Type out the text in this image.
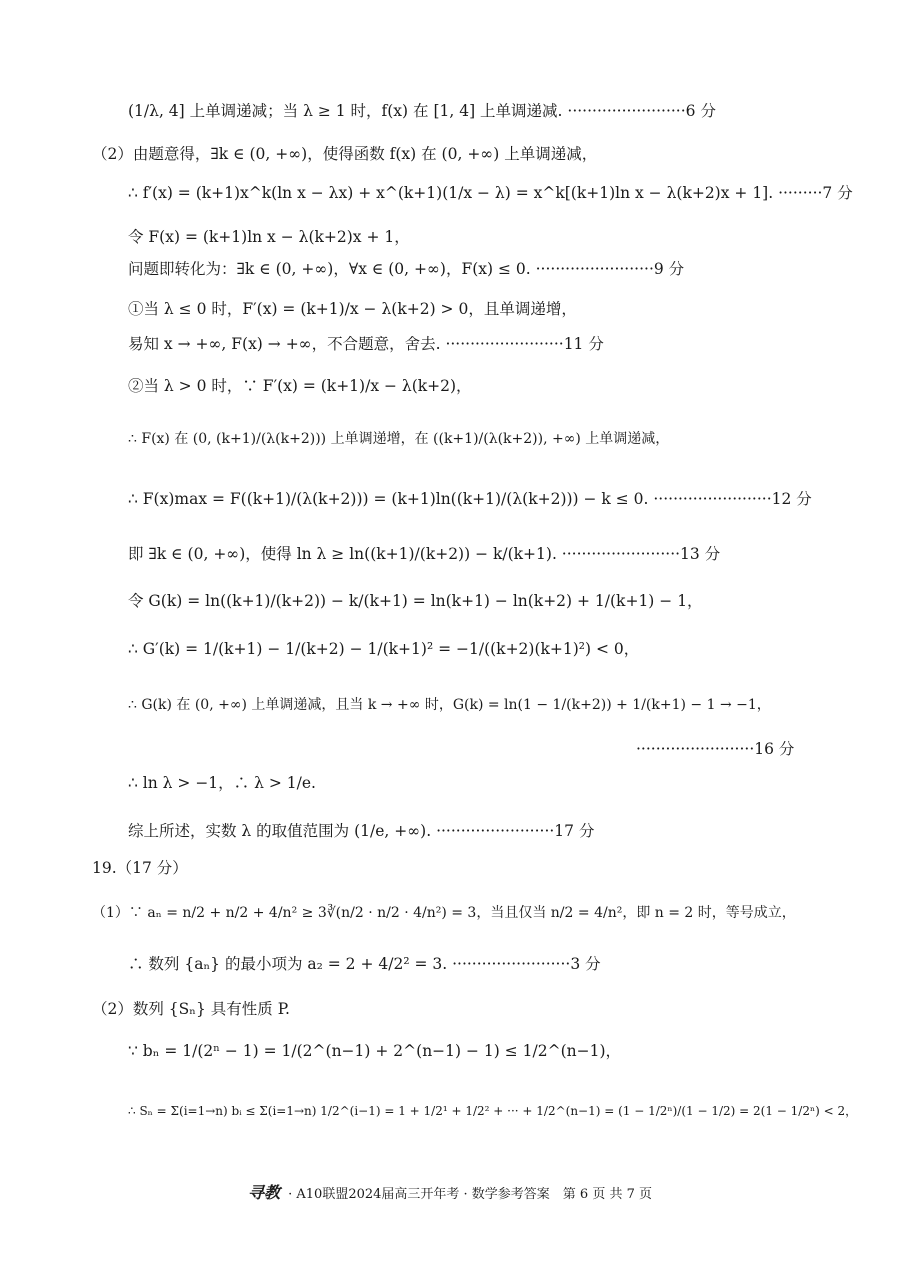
(1/λ, 4] 上单调递减；当 λ ≥ 1 时，f(x) 在 [1, 4] 上单调递减. ························6 分
（2）由题意得，∃k ∈ (0, +∞)，使得函数 f(x) 在 (0, +∞) 上单调递减，
∴ f′(x) = (k+1)x^k(ln x − λx) + x^(k+1)(1/x − λ) = x^k[(k+1)ln x − λ(k+2)x + 1]. ·········7 分
令 F(x) = (k+1)ln x − λ(k+2)x + 1，
问题即转化为：∃k ∈ (0, +∞)，∀x ∈ (0, +∞)，F(x) ≤ 0. ························9 分
①当 λ ≤ 0 时，F′(x) = (k+1)/x − λ(k+2) > 0，且单调递增，
易知 x → +∞, F(x) → +∞，不合题意，舍去. ························11 分
②当 λ > 0 时，∵ F′(x) = (k+1)/x − λ(k+2)，
∴ F(x) 在 (0, (k+1)/(λ(k+2))) 上单调递增，在 ((k+1)/(λ(k+2)), +∞) 上单调递减，
∴ F(x)max = F((k+1)/(λ(k+2))) = (k+1)ln((k+1)/(λ(k+2))) − k ≤ 0. ························12 分
即 ∃k ∈ (0, +∞)，使得 ln λ ≥ ln((k+1)/(k+2)) − k/(k+1). ························13 分
令 G(k) = ln((k+1)/(k+2)) − k/(k+1) = ln(k+1) − ln(k+2) + 1/(k+1) − 1，
∴ G′(k) = 1/(k+1) − 1/(k+2) − 1/(k+1)² = −1/((k+2)(k+1)²) < 0，
∴ G(k) 在 (0, +∞) 上单调递减，且当 k → +∞ 时，G(k) = ln(1 − 1/(k+2)) + 1/(k+1) − 1 → −1，
························16 分
∴ ln λ > −1，∴ λ > 1/e.
综上所述，实数 λ 的取值范围为 (1/e, +∞). ························17 分
19.（17 分）
（1）∵ aₙ = n/2 + n/2 + 4/n² ≥ 3∛(n/2 · n/2 · 4/n²) = 3，当且仅当 n/2 = 4/n²，即 n = 2 时，等号成立，
∴ 数列 {aₙ} 的最小项为 a₂ = 2 + 4/2² = 3. ························3 分
（2）数列 {Sₙ} 具有性质 P.
∵ bₙ = 1/(2ⁿ − 1) = 1/(2^(n−1) + 2^(n−1) − 1) ≤ 1/2^(n−1)，
∴ Sₙ = Σ(i=1→n) bᵢ ≤ Σ(i=1→n) 1/2^(i−1) = 1 + 1/2¹ + 1/2² + ··· + 1/2^(n−1) = (1 − 1/2ⁿ)/(1 − 1/2) = 2(1 − 1/2ⁿ) < 2，
寻教 · A10联盟2024届高三开年考 · 数学参考答案　第 6 页 共 7 页
